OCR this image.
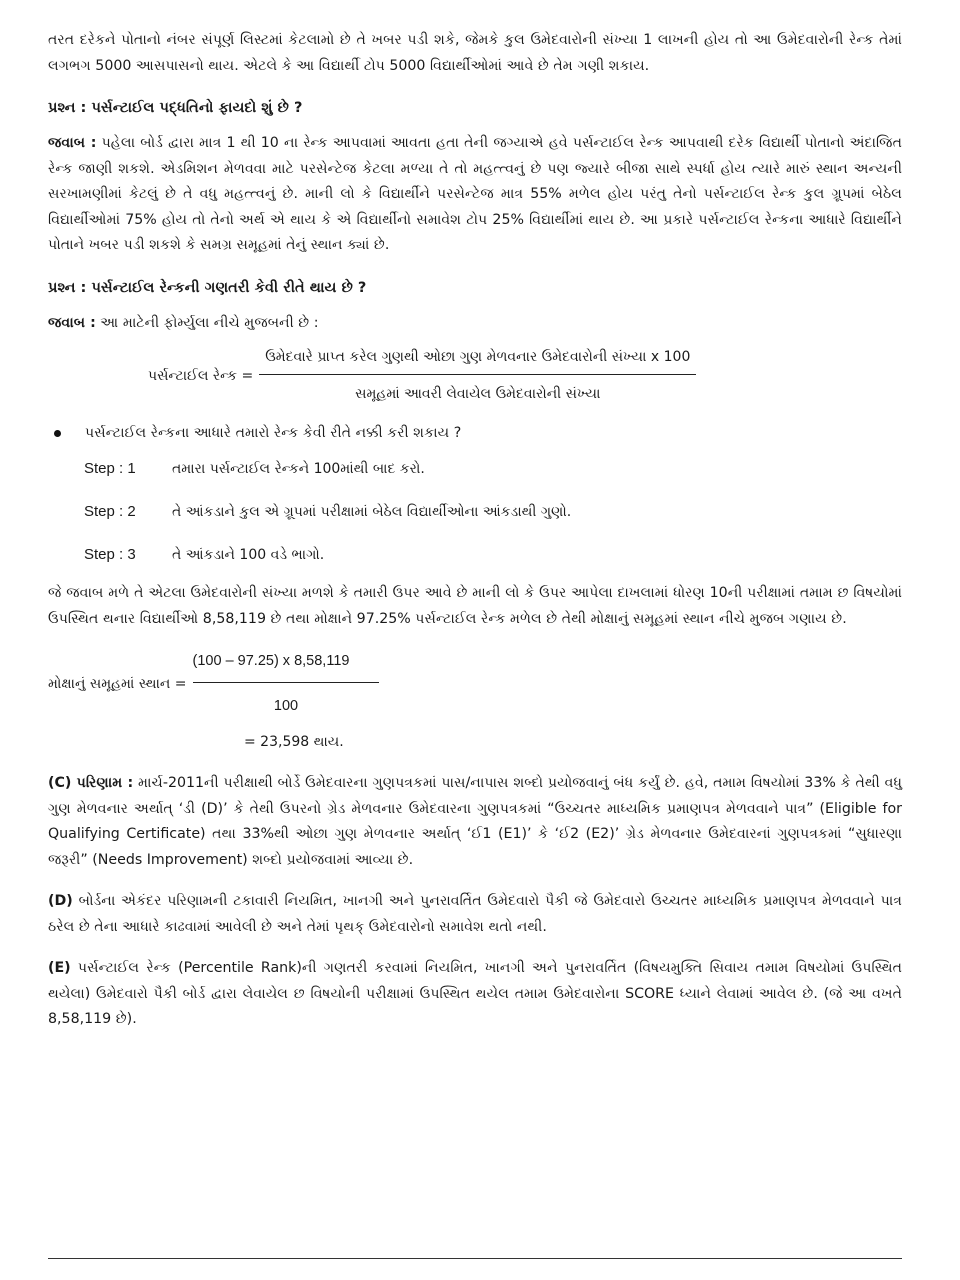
તરત દરેકને પોતાનો નંબર સંપૂર્ણ લિસ્ટમાં કેટલામો છે તે ખબર પડી શકે, જેમકે કુલ ઉમેદવારોની સંખ્યા 1 લાખની હોય તો આ ઉમેદવારોની રેન્ક તેમાં લગભગ 5000 આસપાસનો થાય. એટલે કે આ વિદ્યાર્થી ટોપ 5000 વિદ્યાર્થીઓમાં આવે છે તેમ ગણી શકાય.

પ્રશ્ન : પર્સન્ટાઈલ પદ્ધતિનો ફાયદો શું છે ?

જવાબ : પહેલા બોર્ડ દ્વારા માત્ર 1 થી 10 ના રેન્ક આપવામાં આવતા હતા તેની જગ્યાએ હવે પર્સન્ટાઈલ રેન્ક આપવાથી દરેક વિદ્યાર્થી પોતાનો અંદાજિત રેન્ક જાણી શકશે. એડમિશન મેળવવા માટે પરસેન્ટેજ કેટલા મળ્યા તે તો મહત્ત્વનું છે પણ જ્યારે બીજા સાથે સ્પર્ધા હોય ત્યારે મારું સ્થાન અન્યની સરખામણીમાં કેટલું છે તે વધુ મહત્ત્વનું છે. માની લો કે વિદ્યાર્થીને પરસેન્ટેજ માત્ર 55% મળેલ હોય પરંતુ તેનો પર્સન્ટાઈલ રેન્ક કુલ ગ્રૂપમાં બેઠેલ વિદ્યાર્થીઓમાં 75% હોય તો તેનો અર્થ એ થાય કે એ વિદ્યાર્થીનો સમાવેશ ટોપ 25% વિદ્યાર્થીમાં થાય છે. આ પ્રકારે પર્સન્ટાઈલ રેન્કના આધારે વિદ્યાર્થીને પોતાને ખબર પડી શકશે કે સમગ્ર સમૂહમાં તેનું સ્થાન ક્યાં છે.

પ્રશ્ન : પર્સન્ટાઈલ રેન્કની ગણતરી કેવી રીતે થાય છે ?

જવાબ : આ માટેની ફોર્મ્યુલા નીચે મુજબની છે :

પર્સન્ટાઈલ રેન્ક =
ઉમેદવારે પ્રાપ્ત કરેલ ગુણથી ઓછા ગુણ મેળવનાર ઉમેદવારોની સંખ્યા x 100
સમૂહમાં આવરી લેવાયેલ ઉમેદવારોની સંખ્યા
પર્સન્ટાઈલ રેન્કના આધારે તમારો રેન્ક કેવી રીતે નક્કી કરી શકાય ?
Step : 1	તમારા પર્સન્ટાઈલ રેન્કને 100માંથી બાદ કરો.
Step : 2	તે આંકડાને કુલ એ ગ્રૂપમાં પરીક્ષામાં બેઠેલ વિદ્યાર્થીઓના આંકડાથી ગુણો.
Step : 3	તે આંકડાને 100 વડે ભાગો.

જે જવાબ મળે તે એટલા ઉમેદવારોની સંખ્યા મળશે કે તમારી ઉપર આવે છે માની લો કે ઉપર આપેલા દાખલામાં ધોરણ 10ની પરીક્ષામાં તમામ છ વિષયોમાં ઉપસ્થિત થનાર વિદ્યાર્થીઓ 8,58,119 છે તથા મોક્ષાને 97.25% પર્સન્ટાઈલ રેન્ક મળેલ છે તેથી મોક્ષાનું સમૂહમાં સ્થાન નીચે મુજબ ગણાય છે.

મોક્ષાનું સમૂહમાં સ્થાન = $\frac{(100 - 97.25) x 8,58,119}{100}$

= 23,598 થાય.

(C) પરિણામ : માર્ચ-2011ની પરીક્ષાથી બોર્ડે ઉમેદવારના ગુણપત્રકમાં પાસ/નાપાસ શબ્દો પ્રયોજવાનું બંધ કર્યું છે. હવે, તમામ વિષયોમાં 33% કે તેથી વધુ ગુણ મેળવનાર અર્થાત્ ‘ડી (D)’ કે તેથી ઉપરનો ગ્રેડ મેળવનાર ઉમેદવારના ગુણપત્રકમાં “ઉચ્ચતર માધ્યમિક પ્રમાણપત્ર મેળવવાને પાત્ર” (Eligible for Qualifying Certificate) તથા 33%થી ઓછા ગુણ મેળવનાર અર્થાત્ ‘ઈ1 (E1)’ કે ‘ઈ2 (E2)’ ગ્રેડ મેળવનાર ઉમેદવારનાં ગુણપત્રકમાં “સુધારણા જરૂરી” (Needs Improvement) શબ્દો પ્રયોજવામાં આવ્યા છે.

(D) બોર્ડના એકંદર પરિણામની ટકાવારી નિયમિત, ખાનગી અને પુનરાવર્તિત ઉમેદવારો પૈકી જે ઉમેદવારો ઉચ્ચતર માધ્યમિક પ્રમાણપત્ર મેળવવાને પાત્ર ઠરેલ છે તેના આધારે કાઢવામાં આવેલી છે અને તેમાં પૃથક્ ઉમેદવારોનો સમાવેશ થતો નથી.

(E) પર્સન્ટાઈલ રેન્ક (Percentile Rank)ની ગણતરી કરવામાં નિયમિત, ખાનગી અને પુનરાવર્તિત (વિષયમુક્તિ સિવાય તમામ વિષયોમાં ઉપસ્થિત થયેલા) ઉમેદવારો પૈકી બોર્ડ દ્વારા લેવાયેલ છ વિષયોની પરીક્ષામાં ઉપસ્થિત થયેલ તમામ ઉમેદવારોના SCORE ધ્યાને લેવામાં આવેલ છે. (જે આ વખતે 8,58,119 છે).
